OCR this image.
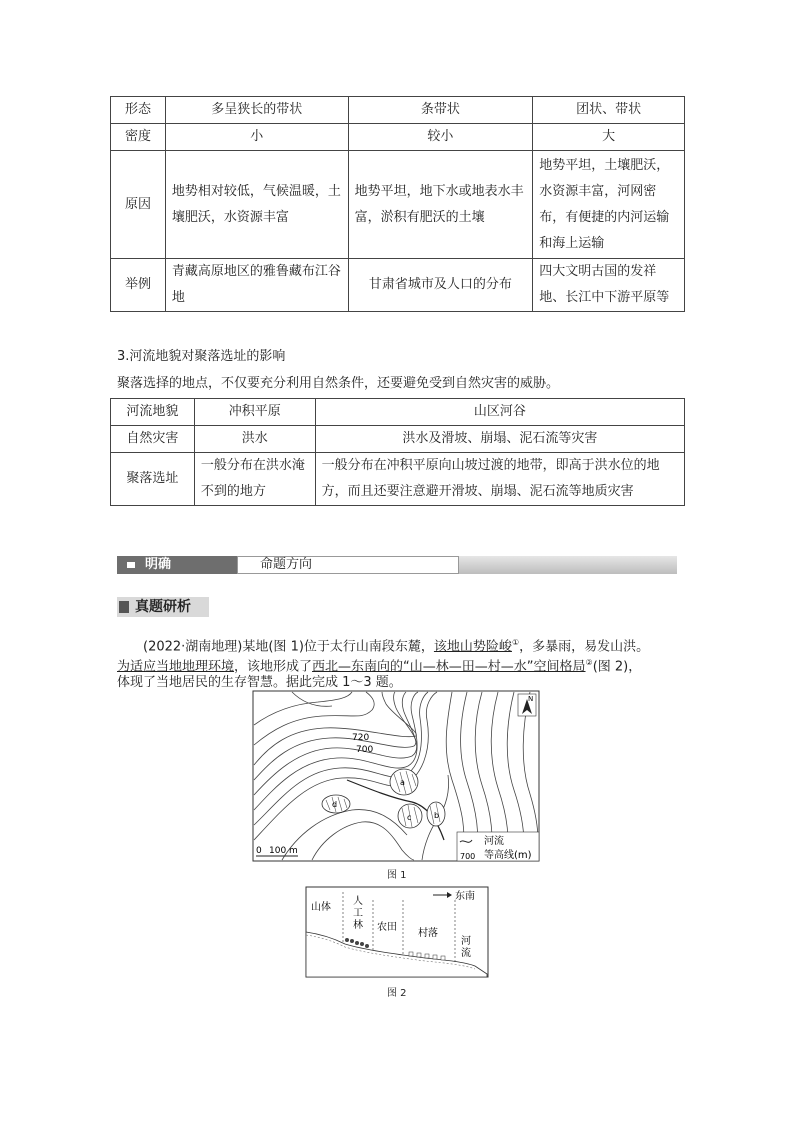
形态	多呈狭长的带状	条带状	团状、带状
密度	小	较小	大
原因	地势相对较低，气候温暖，土壤肥沃，水资源丰富	地势平坦，地下水或地表水丰富，淤积有肥沃的土壤	地势平坦，土壤肥沃，水资源丰富，河网密布，有便捷的内河运输和海上运输
举例	青藏高原地区的雅鲁藏布江谷地	甘肃省城市及人口的分布	四大文明古国的发祥地、长江中下游平原等
3.河流地貌对聚落选址的影响
聚落选择的地点，不仅要充分利用自然条件，还要避免受到自然灾害的威胁。
河流地貌	冲积平原	山区河谷
自然灾害	洪水	洪水及滑坡、崩塌、泥石流等灾害
聚落选址	一般分布在洪水淹不到的地方	一般分布在冲积平原向山坡过渡的地带，即高于洪水位的地方，而且还要注意避开滑坡、崩塌、泥石流等地质灾害
明确	命题方向
真题研析
(2022·湖南地理)某地(图 1)位于太行山南段东麓，该地山势险峻①，多暴雨，易发山洪。
为适应当地地理环境，该地形成了西北—东南向的“山—林—田—村—水”空间格局②(图 2)，
体现了当地居民的生存智慧。据此完成 1～3 题。
a
d
c	b
720
700
N
0 100 m
河流
700 等高线(m)
图 1
山体
人
工
林 农田
村落
河
流
东南
图 2
